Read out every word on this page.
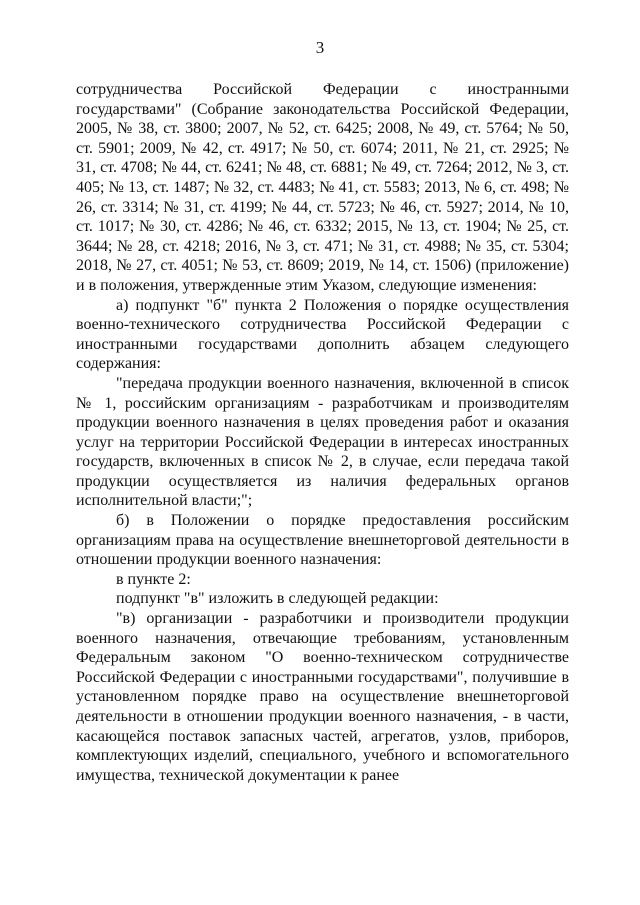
3

сотрудничества Российской Федерации с иностранными государствами" (Собрание законодательства Российской Федерации, 2005, № 38, ст. 3800; 2007, № 52, ст. 6425; 2008, № 49, ст. 5764; № 50, ст. 5901; 2009, № 42, ст. 4917; № 50, ст. 6074; 2011, № 21, ст. 2925; № 31, ст. 4708; № 44, ст. 6241; № 48, ст. 6881; № 49, ст. 7264; 2012, № 3, ст. 405; № 13, ст. 1487; № 32, ст. 4483; № 41, ст. 5583; 2013, № 6, ст. 498; № 26, ст. 3314; № 31, ст. 4199; № 44, ст. 5723; № 46, ст. 5927; 2014, № 10, ст. 1017; № 30, ст. 4286; № 46, ст. 6332; 2015, № 13, ст. 1904; № 25, ст. 3644; № 28, ст. 4218; 2016, № 3, ст. 471; № 31, ст. 4988; № 35, ст. 5304; 2018, № 27, ст. 4051; № 53, ст. 8609; 2019, № 14, ст. 1506) (приложение) и в положения, утвержденные этим Указом, следующие изменения:

а) подпункт "б" пункта 2 Положения о порядке осуществления военно-технического сотрудничества Российской Федерации с иностранными государствами дополнить абзацем следующего содержания:

"передача продукции военного назначения, включенной в список № 1, российским организациям - разработчикам и производителям продукции военного назначения в целях проведения работ и оказания услуг на территории Российской Федерации в интересах иностранных государств, включенных в список № 2, в случае, если передача такой продукции осуществляется из наличия федеральных органов исполнительной власти;";

б) в Положении о порядке предоставления российским организациям права на осуществление внешнеторговой деятельности в отношении продукции военного назначения:

в пункте 2:

подпункт "в" изложить в следующей редакции:

"в) организации - разработчики и производители продукции военного назначения, отвечающие требованиям, установленным Федеральным законом "О военно-техническом сотрудничестве Российской Федерации с иностранными государствами", получившие в установленном порядке право на осуществление внешнеторговой деятельности в отношении продукции военного назначения, - в части, касающейся поставок запасных частей, агрегатов, узлов, приборов, комплектующих изделий, специального, учебного и вспомогательного имущества, технической документации к ранее
